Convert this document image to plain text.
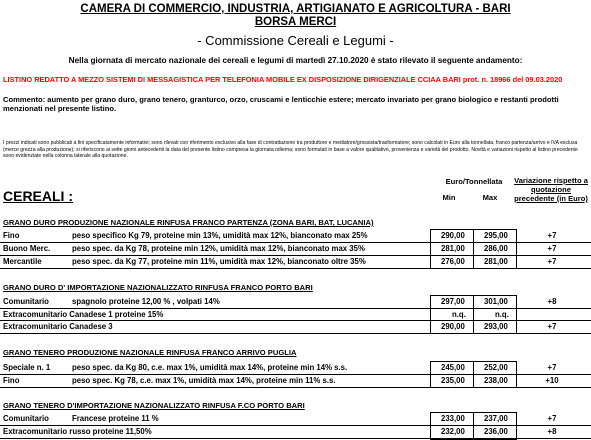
CAMERA DI COMMERCIO, INDUSTRIA, ARTIGIANATO E AGRICOLTURA - BARI
BORSA MERCI
- Commissione Cereali e Legumi -
Nella giornata di mercato nazionale dei cereali e legumi di martedì 27.10.2020 è stato rilevato il seguente andamento:
LISTINO REDATTO A MEZZO SISTEMI DI MESSAGISTICA PER TELEFONIA MOBILE EX DISPOSIZIONE DIRIGENZIALE CCIAA BARI prot. n. 18966 del 09.03.2020
Commento: aumento per grano duro, grano tenero, granturco, orzo, cruscami e lenticchie estere; mercato invariato per grano biologico e restanti prodotti menzionati nel presente listino.
I prezzi indicati sono pubblicati a fini specificatamente informativi; sono rilevati con riferimento esclusivo alla fase di contrattazione tra produttore e mediatore/grossista/trasformatore; sono calcolati in Euro alla tonnellata, franco partenza/arrivo e IVA esclusa (merce grezza alla produzione); si riferiscono ai sette giorni antecedenti la data del presente listino compresa la giornata odierna; sono formulati in base a valore qualitativo, provenienza e varietà del prodotto. Novità e variazioni rispetto al listino precedente sono evidenziate nella colonna laterale alla quotazione.
CEREALI :
Euro/Tonnellata
Min	Max
Variazione rispetto a quotazione precedente (in Euro)
GRANO DURO PRODUZIONE NAZIONALE RINFUSA FRANCO PARTENZA (ZONA BARI, BAT, LUCANIA)
Fino	peso specifico Kg 79, proteine min 13%, umidità max 12%, bianconato max 25%	290,00 295,00	+7
Buono Merc.	peso spec. da Kg 78, proteine min 12%, umidità max 12%, bianconato max 35%	281,00 286,00	+7
Mercantile	peso spec. da Kg 77, proteine min 11%, umidità max 12%, bianconato oltre 35%	276,00 281,00	+7
GRANO DURO D' IMPORTAZIONE NAZIONALIZZATO RINFUSA FRANCO PORTO BARI
Comunitario	spagnolo proteine 12,00 % , volpati 14%	297,00 301,00	+8
Extracomunitario Canadese 1 proteine 15%	n.q.	n.q.
Extracomunitario Canadese 3	290,00 293,00	+7
GRANO TENERO PRODUZIONE NAZIONALE RINFUSA FRANCO ARRIVO PUGLIA
Speciale n. 1	peso spec. da Kg 80, c.e. max 1%, umidità max 14%, proteine min 14% s.s.	245,00 252,00	+7
Fino	peso spec. Kg 78, c.e. max 1%, umidità max 14%, proteine min 11% s.s.	235,00 238,00	+10
GRANO TENERO D'IMPORTAZIONE NAZIONALIZZATO RINFUSA F.CO PORTO BARI
Comunitario	Francese proteine 11 %	233,00 237,00	+7
Extracomunitario russo proteine 11,50%	232,00 236,00	+8
